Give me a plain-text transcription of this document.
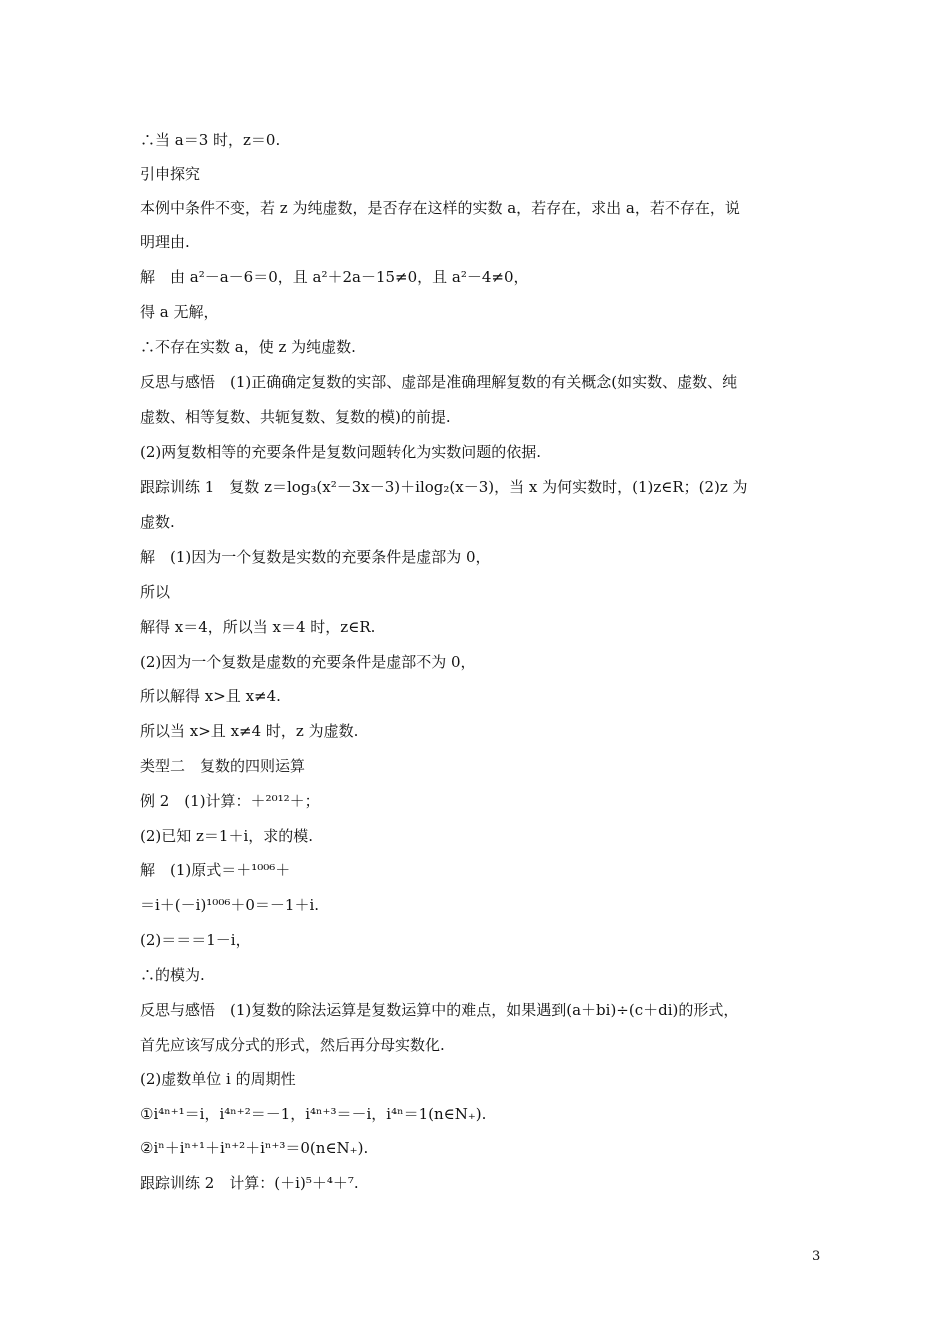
∴当 a＝3 时，z＝0.
引申探究
本例中条件不变，若 z 为纯虚数，是否存在这样的实数 a，若存在，求出 a，若不存在，说
明理由.
解　由 a²－a－6＝0，且 a²＋2a－15≠0，且 a²－4≠0，
得 a 无解，
∴不存在实数 a，使 z 为纯虚数.
反思与感悟　(1)正确确定复数的实部、虚部是准确理解复数的有关概念(如实数、虚数、纯
虚数、相等复数、共轭复数、复数的模)的前提.
(2)两复数相等的充要条件是复数问题转化为实数问题的依据.
跟踪训练 1　复数 z＝log₃(x²－3x－3)＋ilog₂(x－3)，当 x 为何实数时，(1)z∈R；(2)z 为
虚数.
解　(1)因为一个复数是实数的充要条件是虚部为 0，
所以
解得 x＝4，所以当 x＝4 时，z∈R.
(2)因为一个复数是虚数的充要条件是虚部不为 0，
所以解得 x>且 x≠4.
所以当 x>且 x≠4 时，z 为虚数.
类型二　复数的四则运算
例 2　(1)计算：＋²⁰¹²＋；
(2)已知 z＝1＋i，求的模.
解　(1)原式＝＋¹⁰⁰⁶＋
＝i＋(－i)¹⁰⁰⁶＋0＝－1＋i.
(2)＝＝＝1－i，
∴的模为.
反思与感悟　(1)复数的除法运算是复数运算中的难点，如果遇到(a＋bi)÷(c＋di)的形式，
首先应该写成分式的形式，然后再分母实数化.
(2)虚数单位 i 的周期性
①i⁴ⁿ⁺¹＝i，i⁴ⁿ⁺²＝－1，i⁴ⁿ⁺³＝－i，i⁴ⁿ＝1(n∈N₊).
②iⁿ＋iⁿ⁺¹＋iⁿ⁺²＋iⁿ⁺³＝0(n∈N₊).
跟踪训练 2　计算：(＋i)⁵＋⁴＋⁷.
3
